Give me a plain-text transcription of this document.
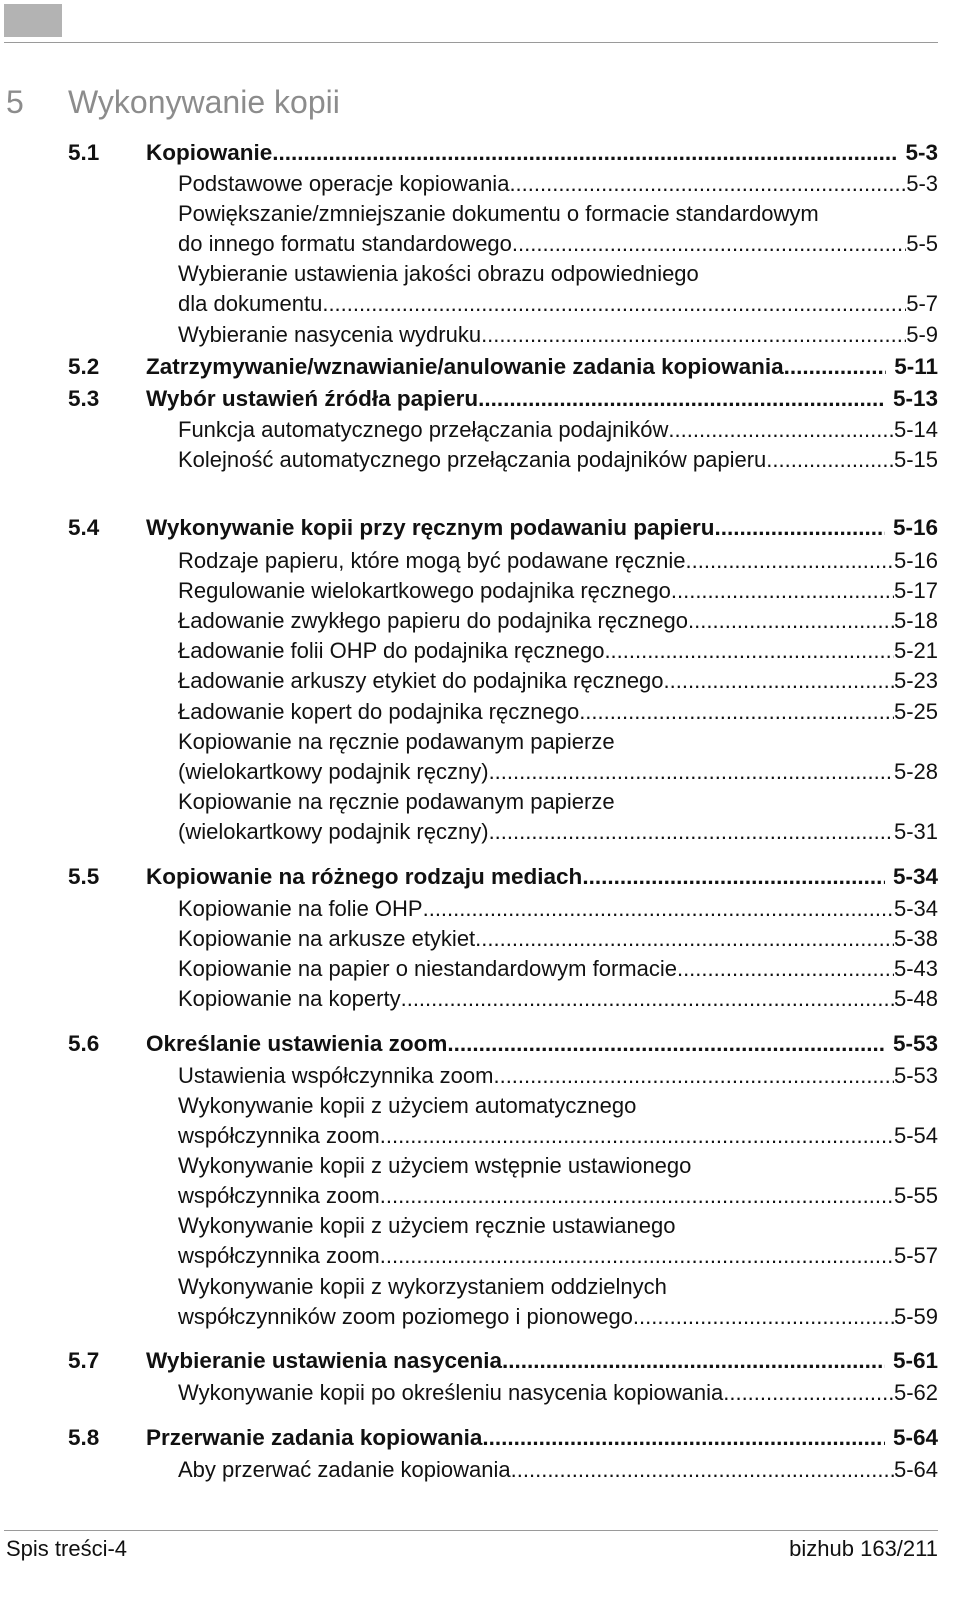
5 Wykonywanie kopii
5.1	Kopiowanie .....	5-3
Podstawowe operacje kopiowania .....	5-3
Powiększanie/zmniejszanie dokumentu o formacie standardowym
do innego formatu standardowego .....	5-5
Wybieranie ustawienia jakości obrazu odpowiedniego
dla dokumentu .....	5-7
Wybieranie nasycenia wydruku .....	5-9
5.2	Zatrzymywanie/wznawianie/anulowanie zadania kopiowania .....	5-11
5.3	Wybór ustawień źródła papieru .....	5-13
Funkcja automatycznego przełączania podajników .....	5-14
Kolejność automatycznego przełączania podajników papieru .....	5-15
5.4	Wykonywanie kopii przy ręcznym podawaniu papieru .....	5-16
Rodzaje papieru, które mogą być podawane ręcznie .....	5-16
Regulowanie wielokartkowego podajnika ręcznego .....	5-17
Ładowanie zwykłego papieru do podajnika ręcznego .....	5-18
Ładowanie folii OHP do podajnika ręcznego .....	5-21
Ładowanie arkuszy etykiet do podajnika ręcznego .....	5-23
Ładowanie kopert do podajnika ręcznego .....	5-25
Kopiowanie na ręcznie podawanym papierze
(wielokartkowy podajnik ręczny) .....	5-28
Kopiowanie na ręcznie podawanym papierze
(wielokartkowy podajnik ręczny) .....	5-31
5.5	Kopiowanie na różnego rodzaju mediach .....	5-34
Kopiowanie na folie OHP .....	5-34
Kopiowanie na arkusze etykiet .....	5-38
Kopiowanie na papier o niestandardowym formacie .....	5-43
Kopiowanie na koperty .....	5-48
5.6	Określanie ustawienia zoom .....	5-53
Ustawienia współczynnika zoom .....	5-53
Wykonywanie kopii z użyciem automatycznego
współczynnika zoom .....	5-54
Wykonywanie kopii z użyciem wstępnie ustawionego
współczynnika zoom .....	5-55
Wykonywanie kopii z użyciem ręcznie ustawianego
współczynnika zoom .....	5-57
Wykonywanie kopii z wykorzystaniem oddzielnych
współczynników zoom poziomego i pionowego .....	5-59
5.7	Wybieranie ustawienia nasycenia .....	5-61
Wykonywanie kopii po określeniu nasycenia kopiowania .....	5-62
5.8	Przerwanie zadania kopiowania .....	5-64
Aby przerwać zadanie kopiowania .....	5-64
Spis treści-4	bizhub 163/211
